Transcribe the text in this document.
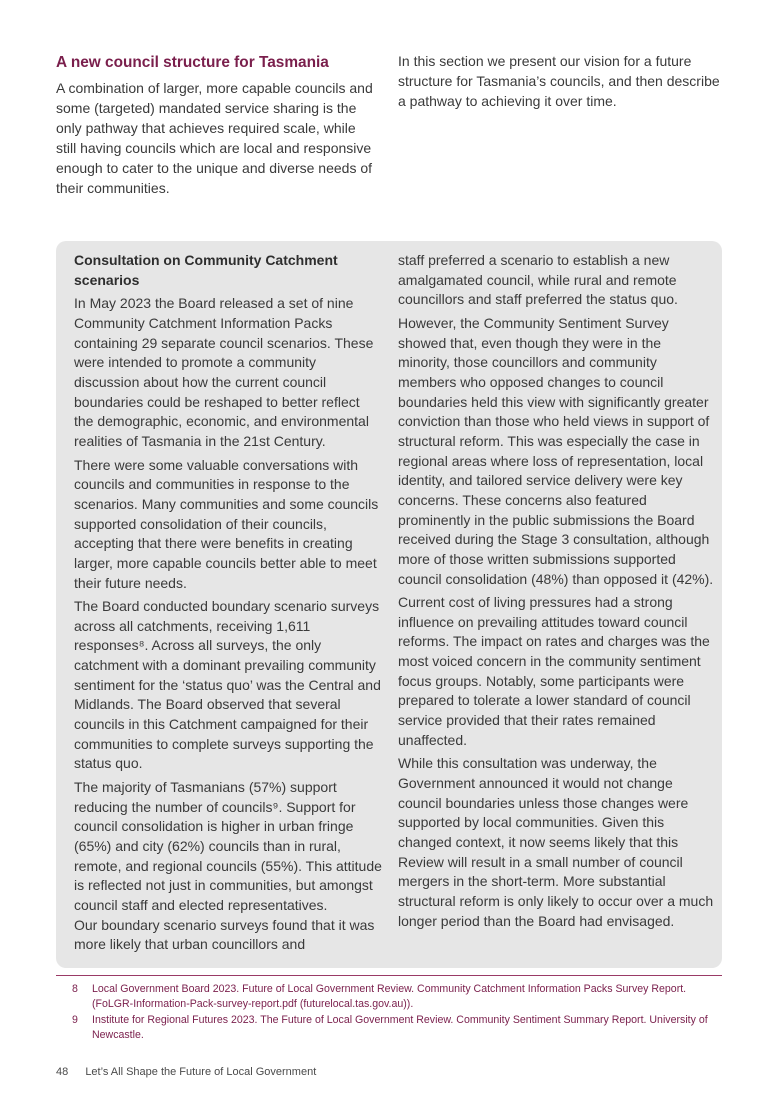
A new council structure for Tasmania

A combination of larger, more capable councils and some (targeted) mandated service sharing is the only pathway that achieves required scale, while still having councils which are local and responsive enough to cater to the unique and diverse needs of their communities.

In this section we present our vision for a future structure for Tasmania’s councils, and then describe a pathway to achieving it over time.

Consultation on Community Catchment scenarios

In May 2023 the Board released a set of nine Community Catchment Information Packs containing 29 separate council scenarios. These were intended to promote a community discussion about how the current council boundaries could be reshaped to better reflect the demographic, economic, and environmental realities of Tasmania in the 21st Century.

There were some valuable conversations with councils and communities in response to the scenarios. Many communities and some councils supported consolidation of their councils, accepting that there were benefits in creating larger, more capable councils better able to meet their future needs.

The Board conducted boundary scenario surveys across all catchments, receiving 1,611 responses⁸. Across all surveys, the only catchment with a dominant prevailing community sentiment for the ‘status quo’ was the Central and Midlands. The Board observed that several councils in this Catchment campaigned for their communities to complete surveys supporting the status quo.

The majority of Tasmanians (57%) support reducing the number of councils⁹. Support for council consolidation is higher in urban fringe (65%) and city (62%) councils than in rural, remote, and regional councils (55%). This attitude is reflected not just in communities, but amongst council staff and elected representatives.

Our boundary scenario surveys found that it was more likely that urban councillors and

staff preferred a scenario to establish a new amalgamated council, while rural and remote councillors and staff preferred the status quo.

However, the Community Sentiment Survey showed that, even though they were in the minority, those councillors and community members who opposed changes to council boundaries held this view with significantly greater conviction than those who held views in support of structural reform. This was especially the case in regional areas where loss of representation, local identity, and tailored service delivery were key concerns. These concerns also featured prominently in the public submissions the Board received during the Stage 3 consultation, although more of those written submissions supported council consolidation (48%) than opposed it (42%).

Current cost of living pressures had a strong influence on prevailing attitudes toward council reforms. The impact on rates and charges was the most voiced concern in the community sentiment focus groups. Notably, some participants were prepared to tolerate a lower standard of council service provided that their rates remained unaffected.

While this consultation was underway, the Government announced it would not change council boundaries unless those changes were supported by local communities. Given this changed context, it now seems likely that this Review will result in a small number of council mergers in the short-term. More substantial structural reform is only likely to occur over a much longer period than the Board had envisaged.

8	Local Government Board 2023. Future of Local Government Review. Community Catchment Information Packs Survey Report. (FoLGR-Information-Pack-survey-report.pdf (futurelocal.tas.gov.au)).
9	Institute for Regional Futures 2023. The Future of Local Government Review. Community Sentiment Summary Report. University of Newcastle.
48 Let’s All Shape the Future of Local Government
